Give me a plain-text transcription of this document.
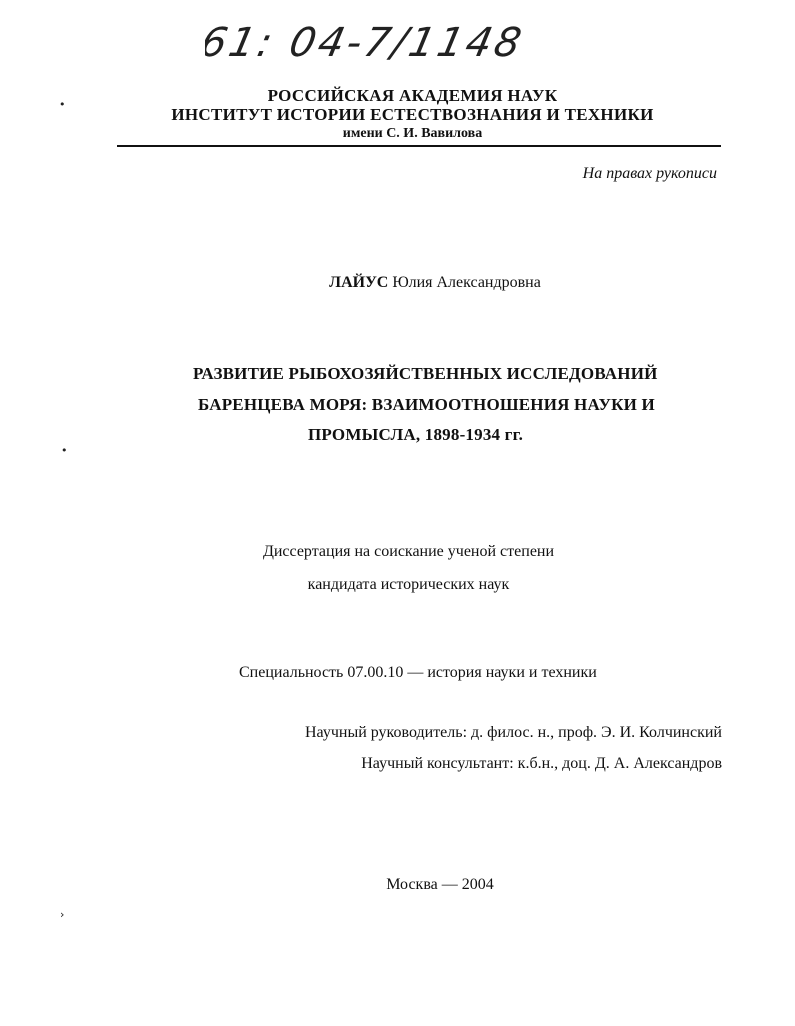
61: 04-7/1148
РОССИЙСКАЯ АКАДЕМИЯ НАУК
ИНСТИТУТ ИСТОРИИ ЕСТЕСТВОЗНАНИЯ И ТЕХНИКИ
имени С. И. Вавилова
На правах рукописи
ЛАЙУС Юлия Александровна
РАЗВИТИЕ РЫБОХОЗЯЙСТВЕННЫХ ИССЛЕДОВАНИЙ
БАРЕНЦЕВА МОРЯ: ВЗАИМООТНОШЕНИЯ НАУКИ И
ПРОМЫСЛА, 1898-1934 гг.
Диссертация на соискание ученой степени
кандидата исторических наук
Специальность 07.00.10 — история науки и техники
Научный руководитель: д. филос. н., проф. Э. И. Колчинский
Научный консультант: к.б.н., доц. Д. А. Александров
Москва — 2004
•
•
›
